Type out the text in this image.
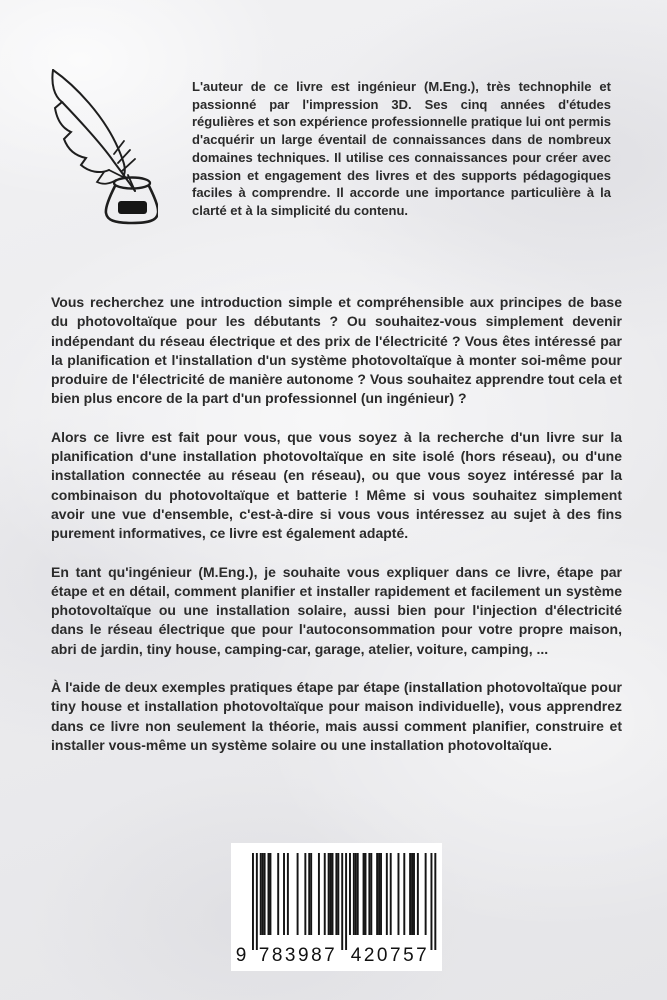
L'auteur de ce livre est ingénieur (M.Eng.), très technophile et passionné par l'impression 3D. Ses cinq années d'études régulières et son expérience professionnelle pratique lui ont permis d'acquérir un large éventail de connaissances dans de nombreux domaines techniques. Il utilise ces connaissances pour créer avec passion et engagement des livres et des supports pédagogiques faciles à comprendre. Il accorde une importance particulière à la clarté et à la simplicité du contenu.

Vous recherchez une introduction simple et compréhensible aux principes de base du photovoltaïque pour les débutants ? Ou souhaitez-vous simplement devenir indépendant du réseau électrique et des prix de l'électricité ? Vous êtes intéressé par la planification et l'installation d'un système photovoltaïque à monter soi-même pour produire de l'électricité de manière autonome ? Vous souhaitez apprendre tout cela et bien plus encore de la part d'un professionnel (un ingénieur) ?

Alors ce livre est fait pour vous, que vous soyez à la recherche d'un livre sur la planification d'une installation photovoltaïque en site isolé (hors réseau), ou d'une installation connectée au réseau (en réseau), ou que vous soyez intéressé par la combinaison du photovoltaïque et batterie ! Même si vous souhaitez simplement avoir une vue d'ensemble, c'est-à-dire si vous vous intéressez au sujet à des fins purement informatives, ce livre est également adapté.

En tant qu'ingénieur (M.Eng.), je souhaite vous expliquer dans ce livre, étape par étape et en détail, comment planifier et installer rapidement et facilement un système photovoltaïque ou une installation solaire, aussi bien pour l'injection d'électricité dans le réseau électrique que pour l'autoconsommation pour votre propre maison, abri de jardin, tiny house, camping-car, garage, atelier, voiture, camping, ...

À l'aide de deux exemples pratiques étape par étape (installation photovoltaïque pour tiny house et installation photovoltaïque pour maison individuelle), vous apprendrez dans ce livre non seulement la théorie, mais aussi comment planifier, construire et installer vous-même un système solaire ou une installation photovoltaïque.

9 783987 420757
